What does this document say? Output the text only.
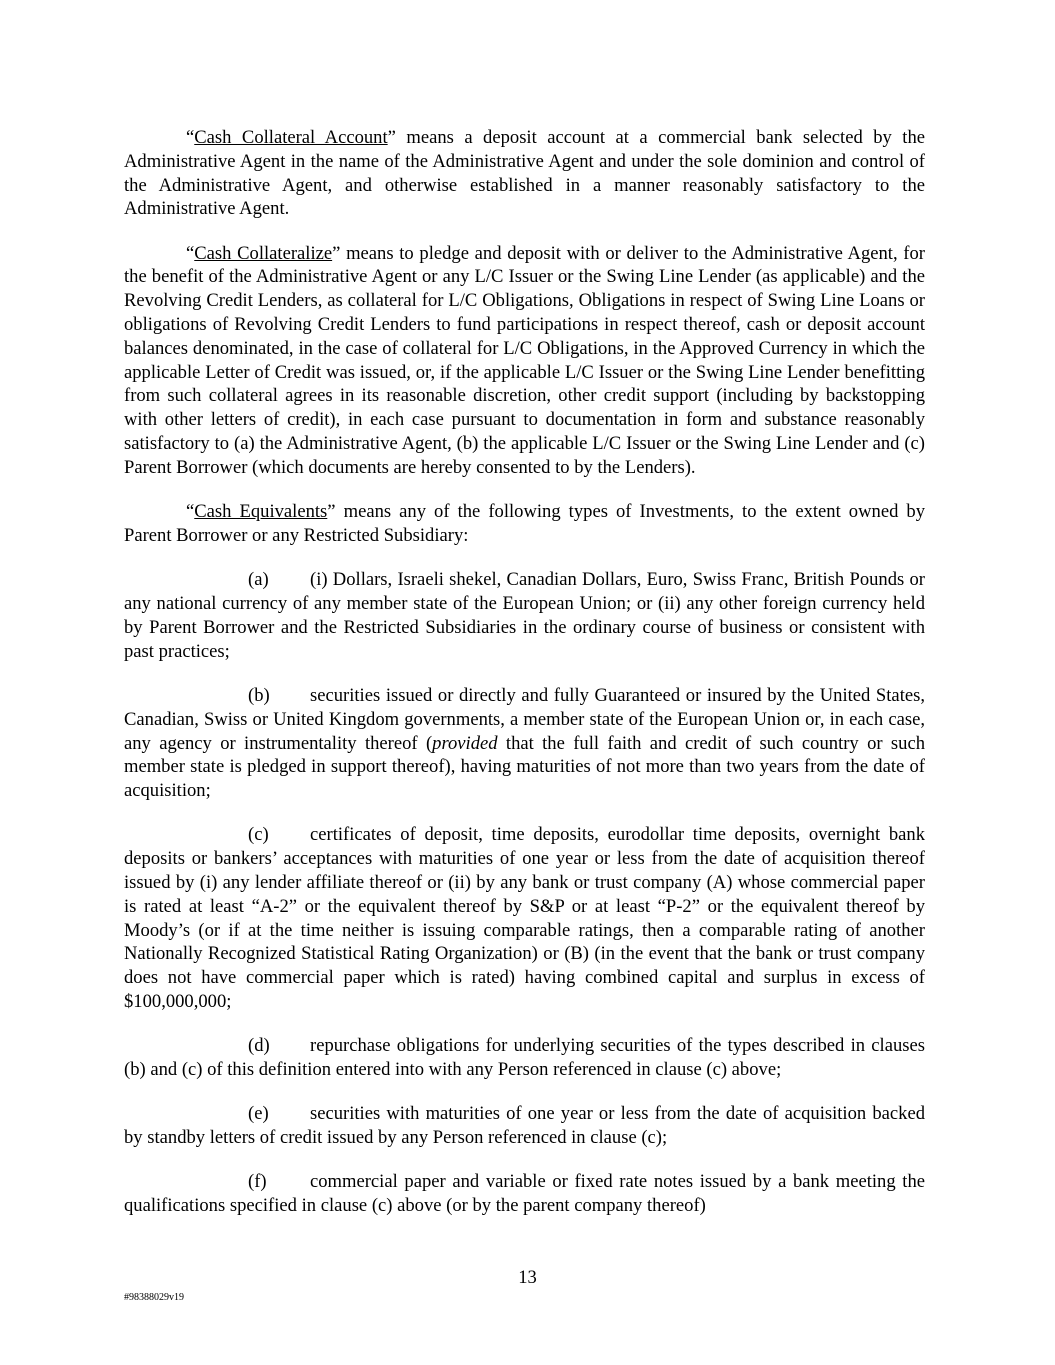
“Cash Collateral Account” means a deposit account at a commercial bank selected by the Administrative Agent in the name of the Administrative Agent and under the sole dominion and control of the Administrative Agent, and otherwise established in a manner reasonably satisfactory to the Administrative Agent.

“Cash Collateralize” means to pledge and deposit with or deliver to the Administrative Agent, for the benefit of the Administrative Agent or any L/C Issuer or the Swing Line Lender (as applicable) and the Revolving Credit Lenders, as collateral for L/C Obligations, Obligations in respect of Swing Line Loans or obligations of Revolving Credit Lenders to fund participations in respect thereof, cash or deposit account balances denominated, in the case of collateral for L/C Obligations, in the Approved Currency in which the applicable Letter of Credit was issued, or, if the applicable L/C Issuer or the Swing Line Lender benefitting from such collateral agrees in its reasonable discretion, other credit support (including by backstopping with other letters of credit), in each case pursuant to documentation in form and substance reasonably satisfactory to (a) the Administrative Agent, (b) the applicable L/C Issuer or the Swing Line Lender and (c) Parent Borrower (which documents are hereby consented to by the Lenders).

“Cash Equivalents” means any of the following types of Investments, to the extent owned by Parent Borrower or any Restricted Subsidiary:

(a) (i) Dollars, Israeli shekel, Canadian Dollars, Euro, Swiss Franc, British Pounds or any national currency of any member state of the European Union; or (ii) any other foreign currency held by Parent Borrower and the Restricted Subsidiaries in the ordinary course of business or consistent with past practices;

(b) securities issued or directly and fully Guaranteed or insured by the United States, Canadian, Swiss or United Kingdom governments, a member state of the European Union or, in each case, any agency or instrumentality thereof (provided that the full faith and credit of such country or such member state is pledged in support thereof), having maturities of not more than two years from the date of acquisition;

(c) certificates of deposit, time deposits, eurodollar time deposits, overnight bank deposits or bankers’ acceptances with maturities of one year or less from the date of acquisition thereof issued by (i) any lender affiliate thereof or (ii) by any bank or trust company (A) whose commercial paper is rated at least “A-2” or the equivalent thereof by S&P or at least “P-2” or the equivalent thereof by Moody’s (or if at the time neither is issuing comparable ratings, then a comparable rating of another Nationally Recognized Statistical Rating Organization) or (B) (in the event that the bank or trust company does not have commercial paper which is rated) having combined capital and surplus in excess of $100,000,000;

(d) repurchase obligations for underlying securities of the types described in clauses (b) and (c) of this definition entered into with any Person referenced in clause (c) above;

(e) securities with maturities of one year or less from the date of acquisition backed by standby letters of credit issued by any Person referenced in clause (c);

(f) commercial paper and variable or fixed rate notes issued by a bank meeting the qualifications specified in clause (c) above (or by the parent company thereof)

13
#98388029v19
